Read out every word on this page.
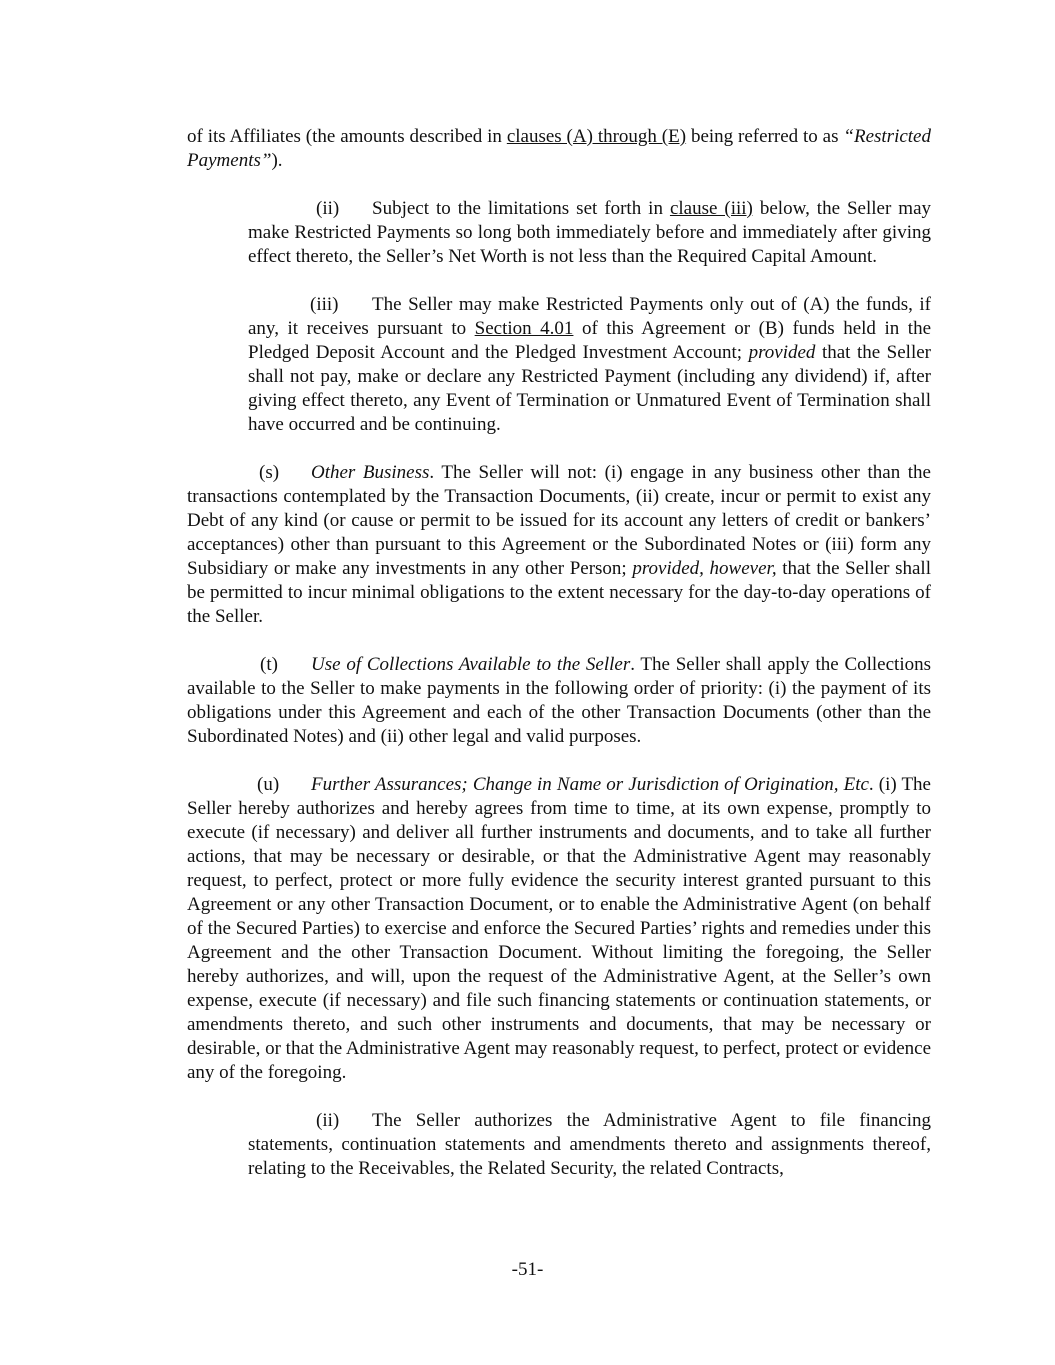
of its Affiliates (the amounts described in clauses (A) through (E) being referred to as “Restricted Payments”).

(ii) Subject to the limitations set forth in clause (iii) below, the Seller may make Restricted Payments so long both immediately before and immediately after giving effect thereto, the Seller’s Net Worth is not less than the Required Capital Amount.

(iii) The Seller may make Restricted Payments only out of (A) the funds, if any, it receives pursuant to Section 4.01 of this Agreement or (B) funds held in the Pledged Deposit Account and the Pledged Investment Account; provided that the Seller shall not pay, make or declare any Restricted Payment (including any dividend) if, after giving effect thereto, any Event of Termination or Unmatured Event of Termination shall have occurred and be continuing.

(s) Other Business. The Seller will not: (i) engage in any business other than the transactions contemplated by the Transaction Documents, (ii) create, incur or permit to exist any Debt of any kind (or cause or permit to be issued for its account any letters of credit or bankers’ acceptances) other than pursuant to this Agreement or the Subordinated Notes or (iii) form any Subsidiary or make any investments in any other Person; provided, however, that the Seller shall be permitted to incur minimal obligations to the extent necessary for the day-to-day operations of the Seller.

(t) Use of Collections Available to the Seller. The Seller shall apply the Collections available to the Seller to make payments in the following order of priority: (i) the payment of its obligations under this Agreement and each of the other Transaction Documents (other than the Subordinated Notes) and (ii) other legal and valid purposes.

(u) Further Assurances; Change in Name or Jurisdiction of Origination, Etc. (i) The Seller hereby authorizes and hereby agrees from time to time, at its own expense, promptly to execute (if necessary) and deliver all further instruments and documents, and to take all further actions, that may be necessary or desirable, or that the Administrative Agent may reasonably request, to perfect, protect or more fully evidence the security interest granted pursuant to this Agreement or any other Transaction Document, or to enable the Administrative Agent (on behalf of the Secured Parties) to exercise and enforce the Secured Parties’ rights and remedies under this Agreement and the other Transaction Document. Without limiting the foregoing, the Seller hereby authorizes, and will, upon the request of the Administrative Agent, at the Seller’s own expense, execute (if necessary) and file such financing statements or continuation statements, or amendments thereto, and such other instruments and documents, that may be necessary or desirable, or that the Administrative Agent may reasonably request, to perfect, protect or evidence any of the foregoing.

(ii) The Seller authorizes the Administrative Agent to file financing statements, continuation statements and amendments thereto and assignments thereof, relating to the Receivables, the Related Security, the related Contracts,

-51-
